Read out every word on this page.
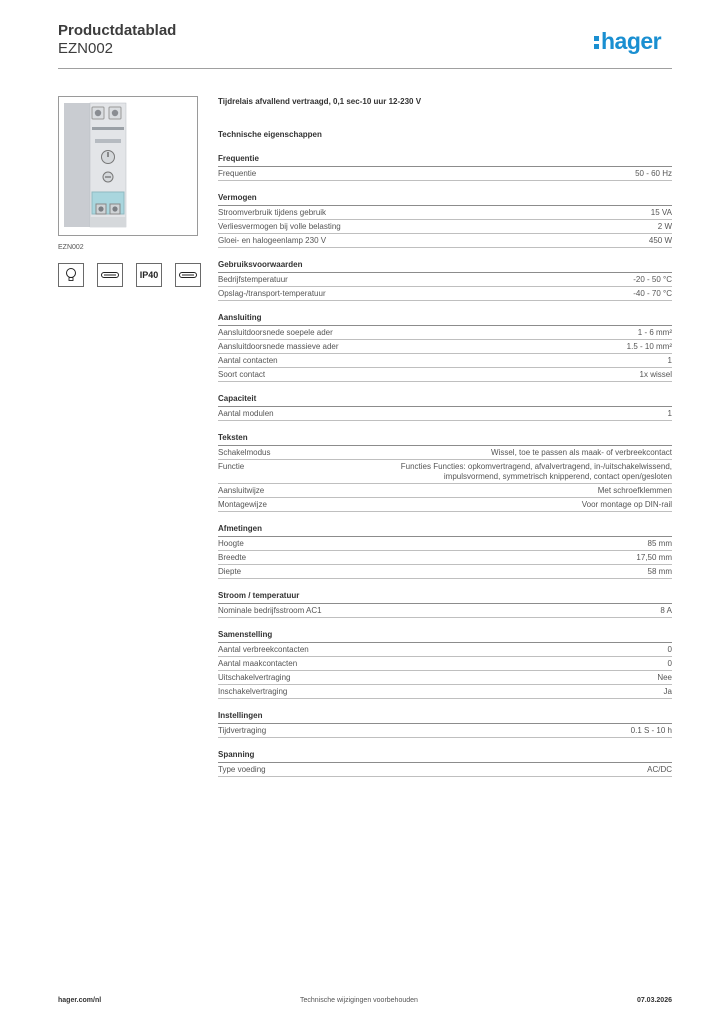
Productdatablad
EZN002	hager
EZN002
IP40
Tijdrelais afvallend vertraagd, 0,1 sec-10 uur 12-230 V
Technische eigenschappen
Frequentie
Frequentie	50 - 60 Hz
Vermogen
Stroomverbruik tijdens gebruik	15 VA
Verliesvermogen bij volle belasting	2 W
Gloei- en halogeenlamp 230 V	450 W
Gebruiksvoorwaarden
Bedrijfstemperatuur	-20 - 50 °C
Opslag-/transport-temperatuur	-40 - 70 °C
Aansluiting
Aansluitdoorsnede soepele ader	1 - 6 mm²
Aansluitdoorsnede massieve ader	1.5 - 10 mm²
Aantal contacten	1
Soort contact	1x wissel
Capaciteit
Aantal modulen	1
Teksten
Schakelmodus	Wissel, toe te passen als maak- of verbreekcontact
Functie	Functies Functies: opkomvertragend, afvalvertragend, in-/uitschakelwissend, impulsvormend, symmetrisch knipperend, contact open/gesloten
Aansluitwijze	Met schroefklemmen
Montagewijze	Voor montage op DIN-rail
Afmetingen
Hoogte	85 mm
Breedte	17,50 mm
Diepte	58 mm
Stroom / temperatuur
Nominale bedrijfsstroom AC1	8 A
Samenstelling
Aantal verbreekcontacten	0
Aantal maakcontacten	0
Uitschakelvertraging	Nee
Inschakelvertraging	Ja
Instellingen
Tijdvertraging	0.1 S - 10 h
Spanning
Type voeding	AC/DC
hager.com/nl	Technische wijzigingen voorbehouden	07.03.2026
